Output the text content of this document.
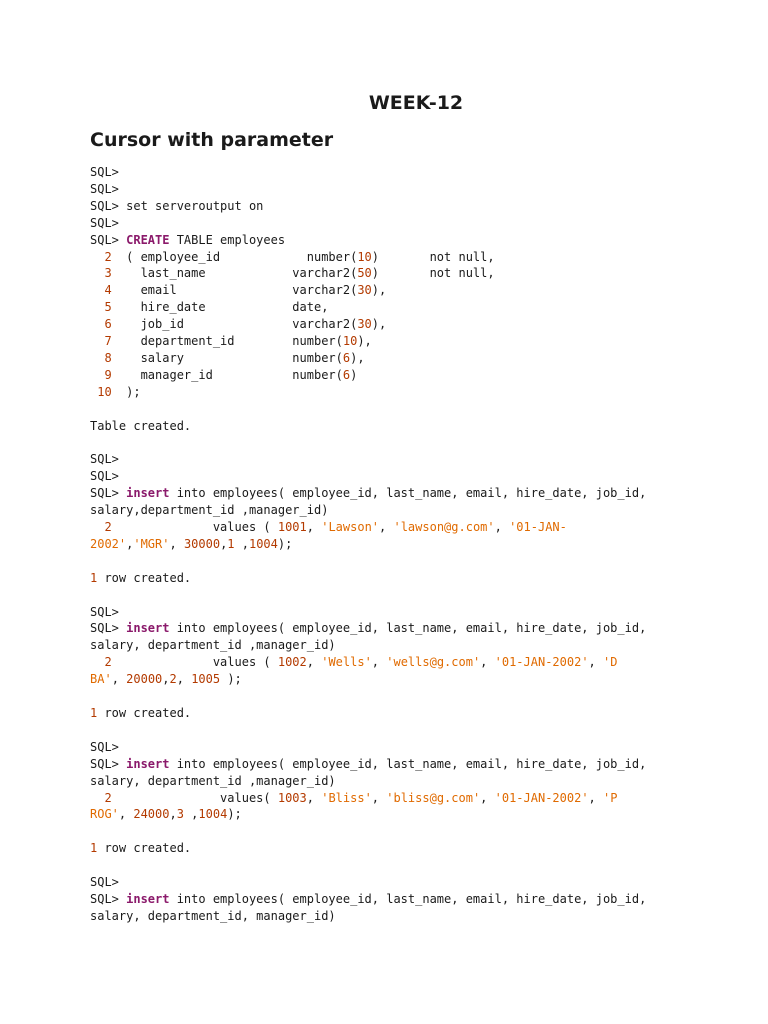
WEEK-12
Cursor with parameter
SQL>
SQL>
SQL> set serveroutput on
SQL>
SQL> CREATE TABLE employees
2  ( employee_id            number(10)       not null,
3    last_name            varchar2(50)       not null,
4    email                varchar2(30),
5    hire_date            date,
6    job_id               varchar2(30),
7    department_id        number(10),
8    salary               number(6),
9    manager_id           number(6)
10  );
Table created.
SQL>
SQL>
SQL> insert into employees( employee_id, last_name, email, hire_date, job_id,
salary,department_id ,manager_id)
2              values ( 1001, 'Lawson', 'lawson@g.com', '01-JAN-
2002','MGR', 30000,1 ,1004);
1 row created.
SQL>
SQL> insert into employees( employee_id, last_name, email, hire_date, job_id,
salary, department_id ,manager_id)
2              values ( 1002, 'Wells', 'wells@g.com', '01-JAN-2002', 'D
BA', 20000,2, 1005 );
1 row created.
SQL>
SQL> insert into employees( employee_id, last_name, email, hire_date, job_id,
salary, department_id ,manager_id)
2               values( 1003, 'Bliss', 'bliss@g.com', '01-JAN-2002', 'P
ROG', 24000,3 ,1004);
1 row created.
SQL>
SQL> insert into employees( employee_id, last_name, email, hire_date, job_id,
salary, department_id, manager_id)
